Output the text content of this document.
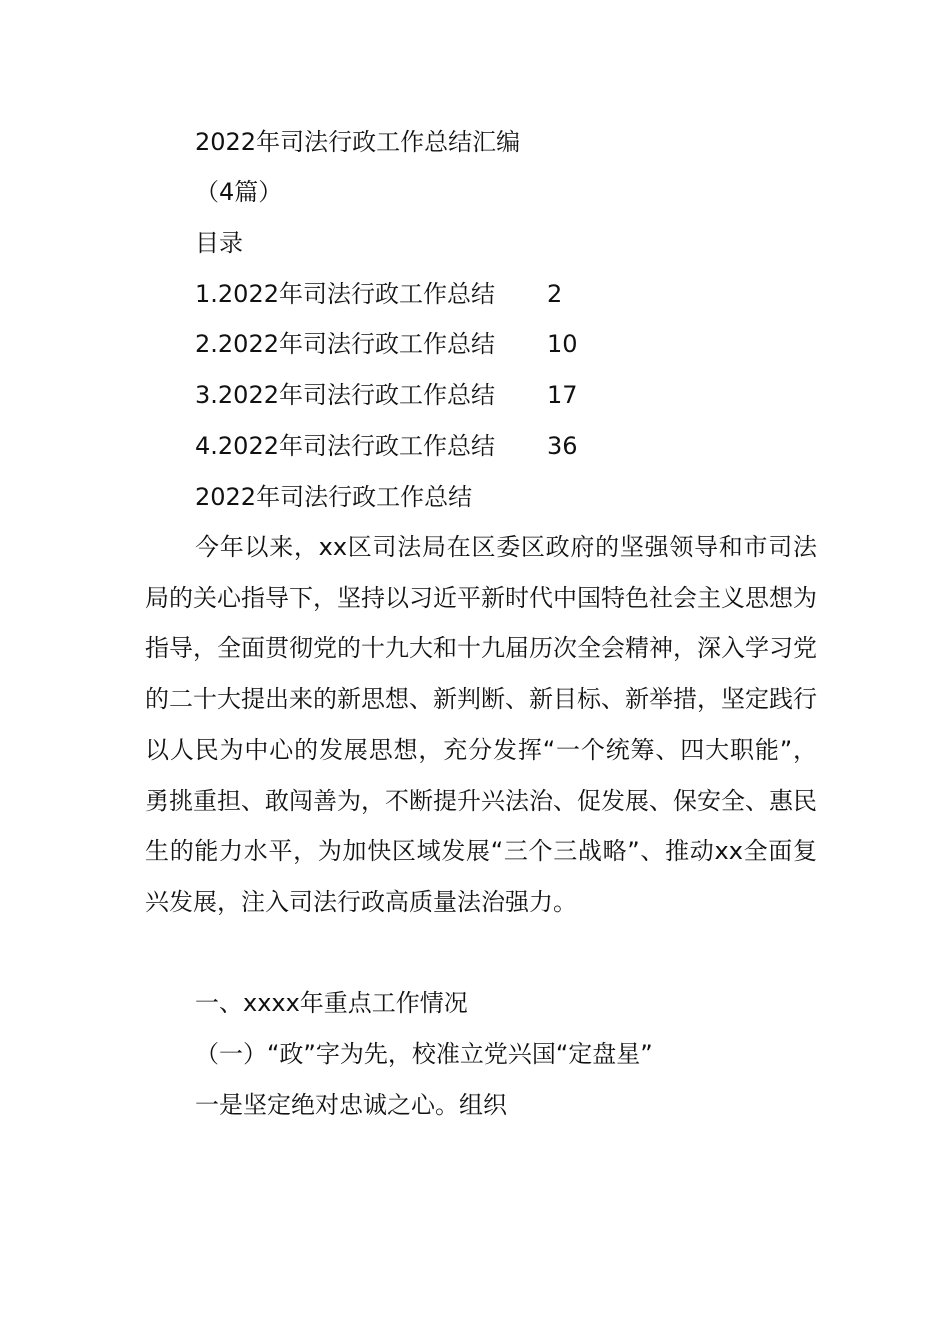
2022年司法行政工作总结汇编
（4篇）
目录
1.2022年司法行政工作总结 2
2.2022年司法行政工作总结 10
3.2022年司法行政工作总结 17
4.2022年司法行政工作总结 36
2022年司法行政工作总结

今年以来，xx区司法局在区委区政府的坚强领导和市司法局的关心指导下，坚持以习近平新时代中国特色社会主义思想为指导，全面贯彻党的十九大和十九届历次全会精神，深入学习党的二十大提出来的新思想、新判断、新目标、新举措，坚定践行以人民为中心的发展思想，充分发挥“一个统筹、四大职能”，勇挑重担、敢闯善为，不断提升兴法治、促发展、保安全、惠民生的能力水平，为加快区域发展“三个三战略”、推动xx全面复兴发展，注入司法行政高质量法治强力。

一、xxxx年重点工作情况
（一）“政”字为先，校准立党兴国“定盘星”
一是坚定绝对忠诚之心。组织
